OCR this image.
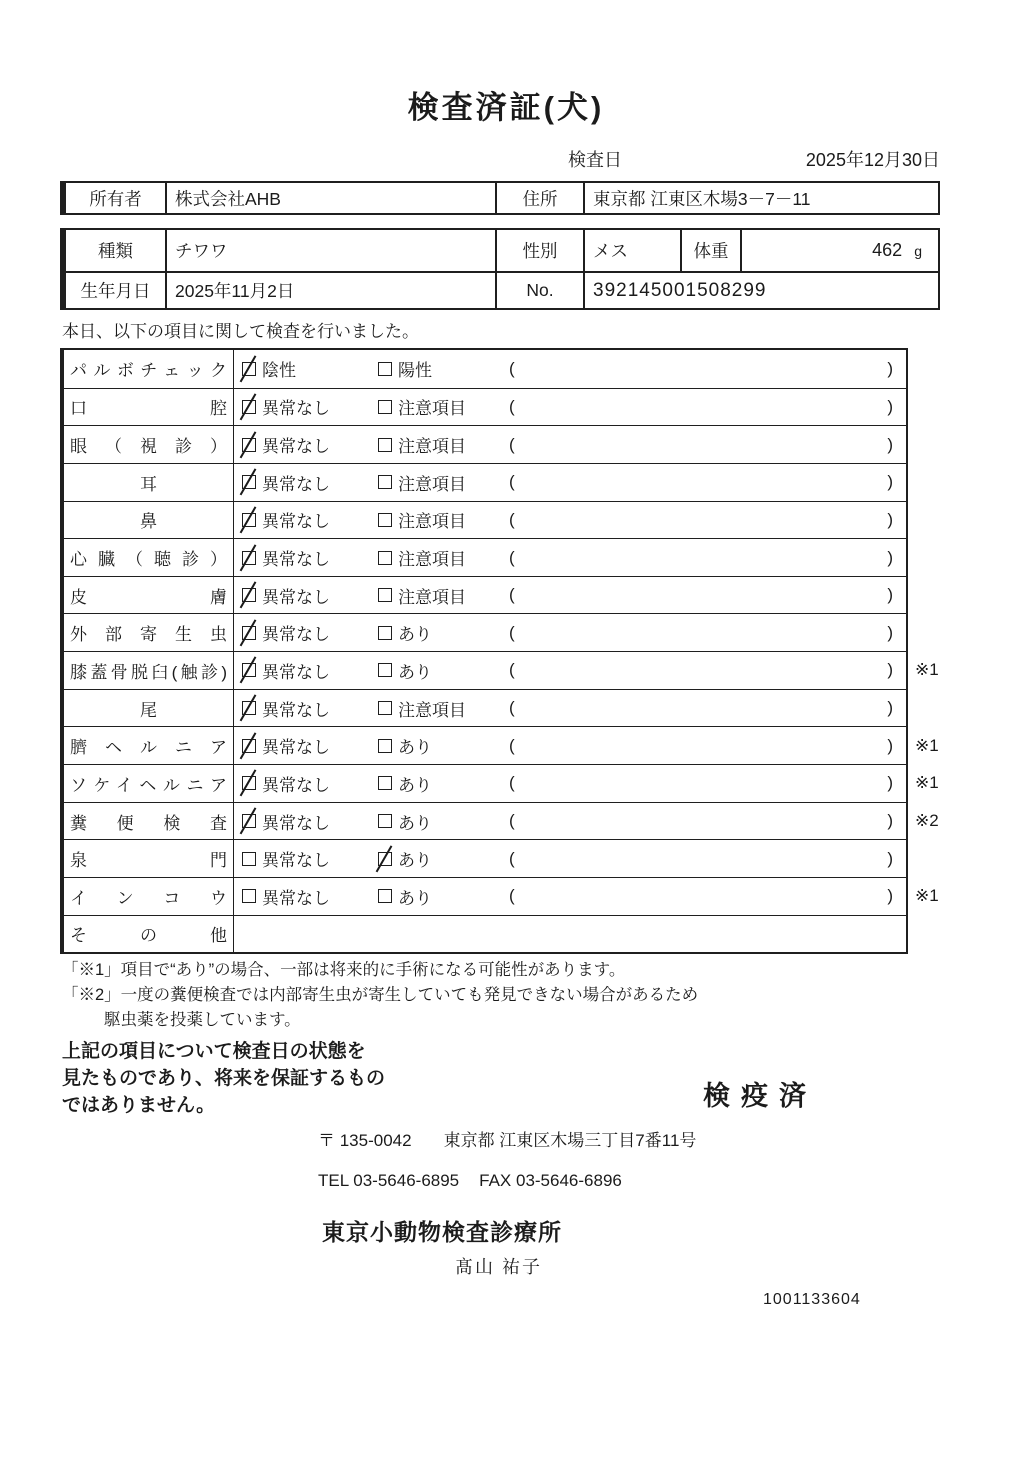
検査済証(犬)
検査日	2025年12月30日
所有者	株式会社AHB	住所	東京都 江東区木場3－7－11
種類	チワワ	性別	メス	体重	462 g
生年月日	2025年11月2日	No.	392145001508299

本日、以下の項目に関して検査を行いました。

パルボチェック 陰性	陽性	(	)
口腔 異常なし	注意項目	(	)
眼（視診） 異常なし	注意項目	(	)
耳	異常なし	注意項目	(	)
鼻	異常なし	注意項目	(	)
心臓（聴診） 異常なし	注意項目	(	)
皮膚 異常なし	注意項目	(	)
外部寄生虫 異常なし	あり	(	)
膝蓋骨脱臼(触診) 異常なし	あり	(	) ※1
尾	異常なし	注意項目	(	)
臍ヘルニア 異常なし	あり	(	) ※1
ソケイヘルニア 異常なし	あり	(	) ※1
糞便検査 異常なし	あり	(	) ※2
泉門 異常なし	あり	(	)
インコウ 異常なし	あり	(	) ※1
その他
「※1」項目で“あり”の場合、一部は将来的に手術になる可能性があります。
「※2」一度の糞便検査では内部寄生虫が寄生していても発見できない場合があるため
駆虫薬を投薬しています。
上記の項目について検査日の状態を
見たものであり、将来を保証するもの
ではありません。	検疫済
〒 135-0042 東京都 江東区木場三丁目7番11号
TEL 03-5646-6895 FAX 03-5646-6896
東京小動物検査診療所
髙山 祐子
1001133604
